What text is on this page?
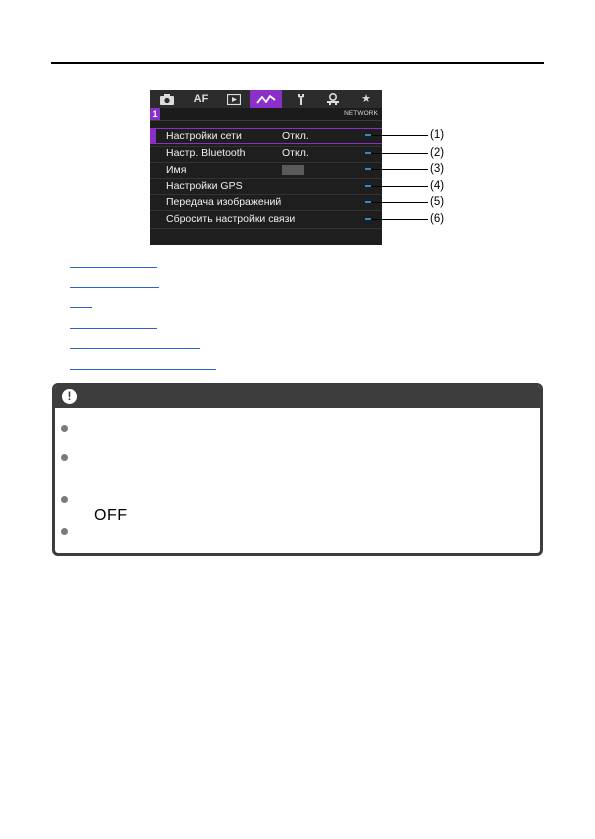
AF	★
1	NETWORK
Настройки сети	Откл.
Настр. Bluetooth	Откл.
Имя
Настройки GPS
Передача изображений
Сбросить настройки связи
(1)
(2)
(3)
(4)
(5)
(6)
!
OFF
